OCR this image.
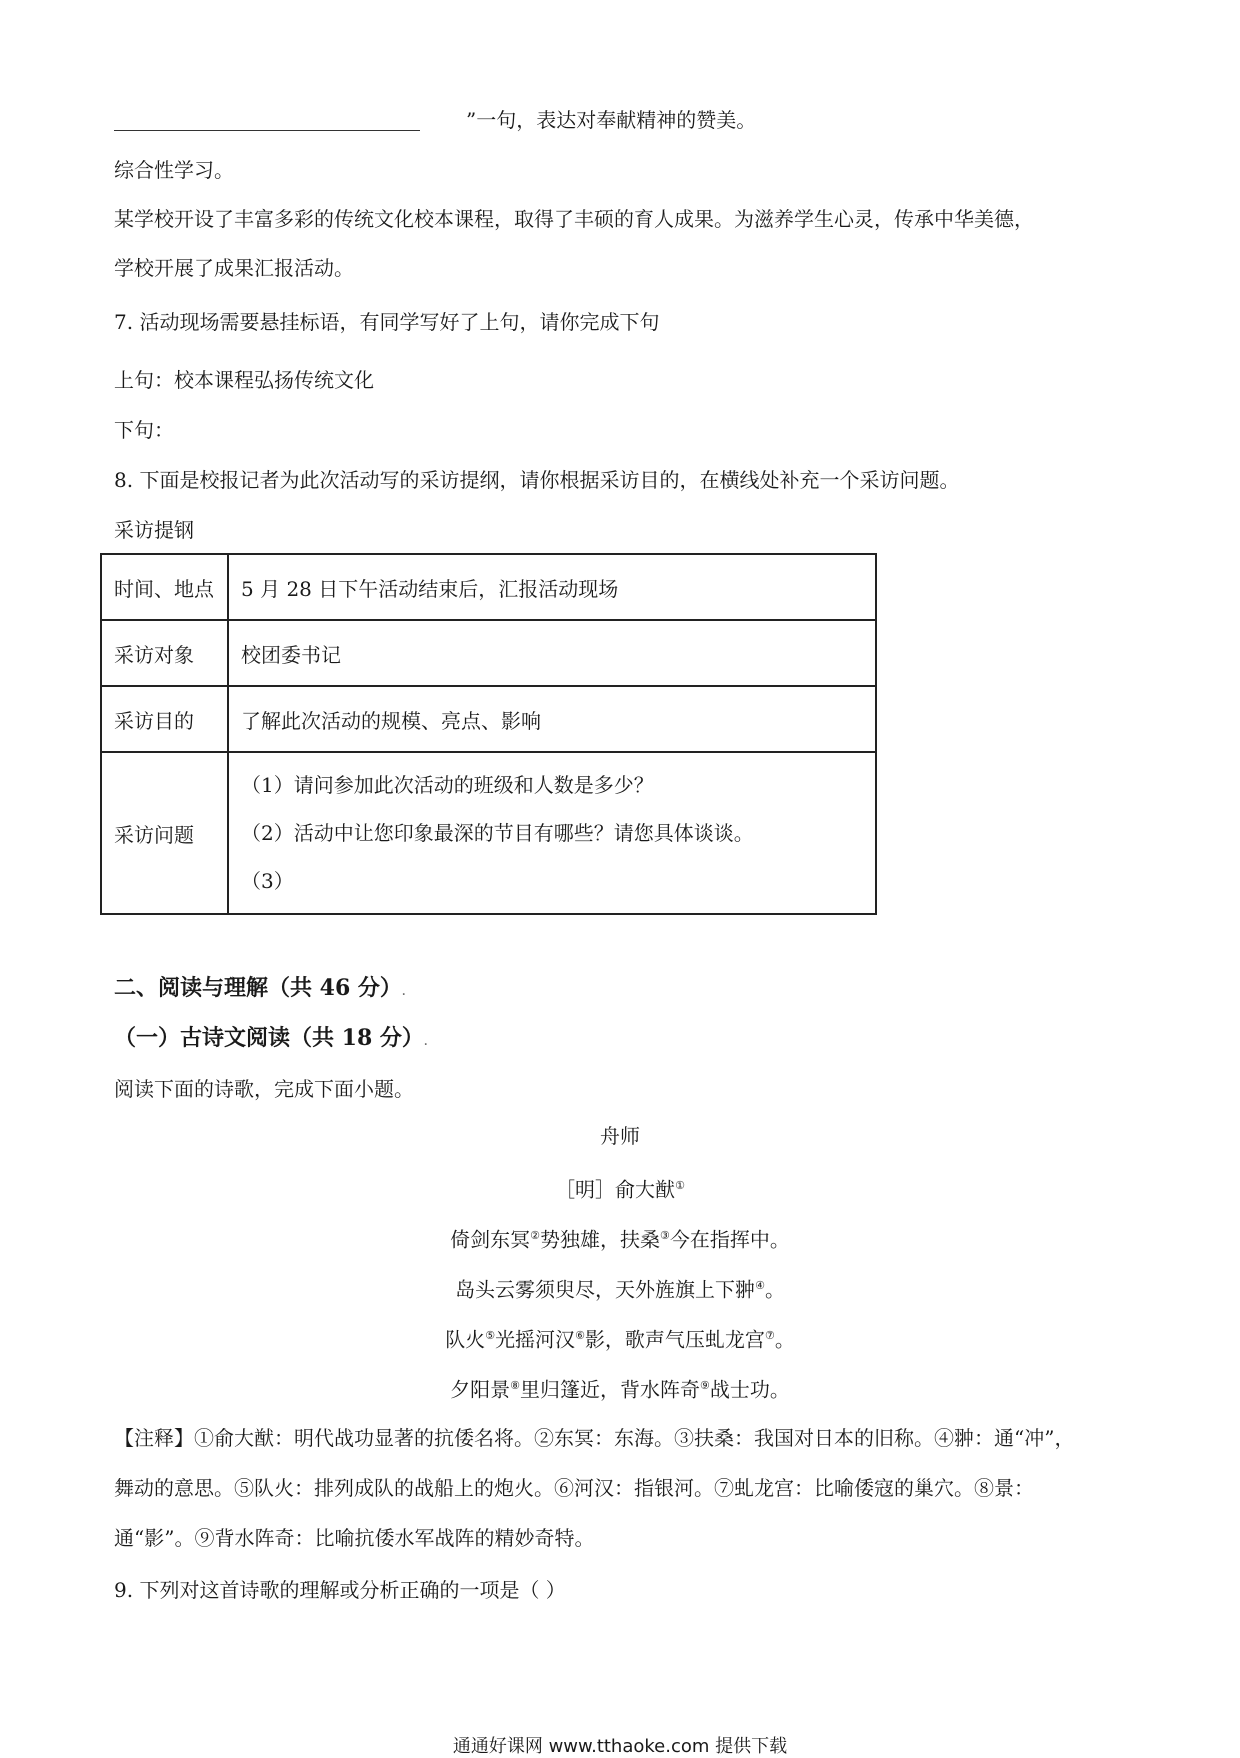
”一句，表达对奉献精神的赞美。
综合性学习。
某学校开设了丰富多彩的传统文化校本课程，取得了丰硕的育人成果。为滋养学生心灵，传承中华美德，
学校开展了成果汇报活动。
7. 活动现场需要悬挂标语，有同学写好了上句，请你完成下句
上句：校本课程弘扬传统文化
下句：
8. 下面是校报记者为此次活动写的采访提纲，请你根据采访目的，在横线处补充一个采访问题。
采访提钢
时间、地点	5 月 28 日下午活动结束后，汇报活动现场
采访对象	校团委书记
采访目的	了解此次活动的规模、亮点、影响
采访问题	（1）请问参加此次活动的班级和人数是多少？
（2）活动中让您印象最深的节目有哪些？请您具体谈谈。
（3）
二、阅读与理解（共 46 分）.
（一）古诗文阅读（共 18 分）.
阅读下面的诗歌，完成下面小题。
舟师
［明］俞大猷①
倚剑东冥②势独雄，扶桑③今在指挥中。
岛头云雾须臾尽，天外旌旗上下翀④。
队火⑤光摇河汉⑥影，歌声气压虬龙宫⑦。
夕阳景⑧里归篷近，背水阵奇⑨战士功。
【注释】①俞大猷：明代战功显著的抗倭名将。②东冥：东海。③扶桑：我国对日本的旧称。④翀：通“冲”，
舞动的意思。⑤队火：排列成队的战船上的炮火。⑥河汉：指银河。⑦虬龙宫：比喻倭寇的巢穴。⑧景：
通“影”。⑨背水阵奇：比喻抗倭水军战阵的精妙奇特。
9. 下列对这首诗歌的理解或分析正确的一项是（ ）
通通好课网 www.tthaoke.com 提供下载
